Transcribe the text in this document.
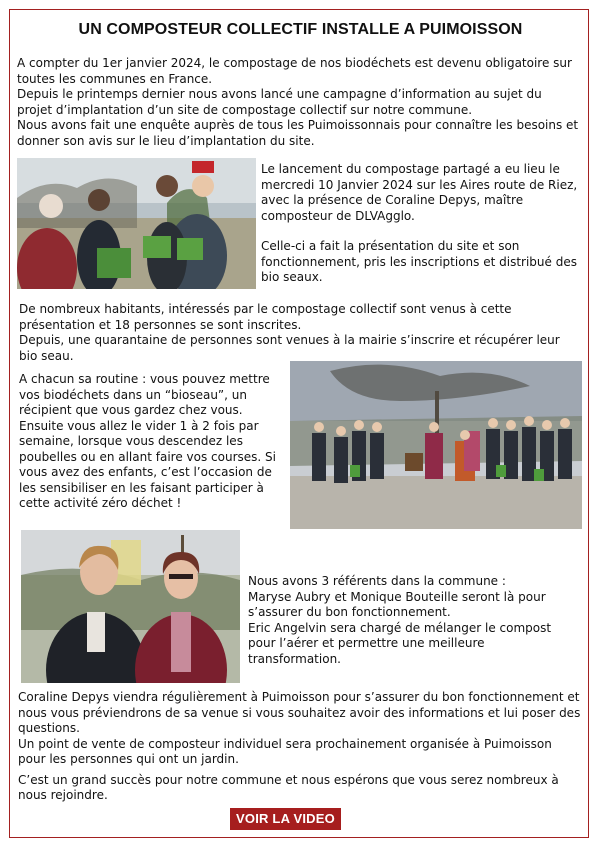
UN COMPOSTEUR COLLECTIF INSTALLE A PUIMOISSON

A compter du 1er janvier 2024, le compostage de nos biodéchets est devenu obligatoire sur toutes les communes en France.

Depuis le printemps dernier nous avons lancé une campagne d’information au sujet du projet d’implantation d’un site de compostage collectif sur notre commune.

Nous avons fait une enquête auprès de tous les Puimoissonnais pour connaître les besoins et donner son avis sur le lieu d’implantation du site.

Le lancement du compostage partagé a eu lieu le mercredi 10 Janvier 2024 sur les Aires route de Riez, avec la présence de Coraline Depys, maître composteur de DLVAgglo.

Celle-ci a fait la présentation du site et son fonctionnement, pris les inscriptions et distribué des bio seaux.

De nombreux habitants, intéressés par le compostage collectif sont venus à cette présentation et 18 personnes se sont inscrites.

Depuis, une quarantaine de personnes sont venues à la mairie s’inscrire et récupérer leur bio seau.

A chacun sa routine : vous pouvez mettre vos biodéchets dans un “bioseau”, un récipient que vous gardez chez vous. Ensuite vous allez le vider 1 à 2 fois par semaine, lorsque vous descendez les poubelles ou en allant faire vos courses. Si vous avez des enfants, c’est l’occasion de les sensibiliser en les faisant participer à cette activité zéro déchet !

Nous avons 3 référents dans la commune :

Maryse Aubry et Monique Bouteille seront là pour s’assurer du bon fonctionnement.

Eric Angelvin sera chargé de mélanger le compost pour l’aérer et permettre une meilleure transformation.

Coraline Depys viendra régulièrement à Puimoisson pour s’assurer du bon fonctionnement et nous vous préviendrons de sa venue si vous souhaitez avoir des informations et lui poser des questions.

Un point de vente de composteur individuel sera prochainement organisée à Puimoisson pour les personnes qui ont un jardin.

C’est un grand succès pour notre commune et nous espérons que vous serez nombreux à nous rejoindre.

VOIR LA VIDEO
